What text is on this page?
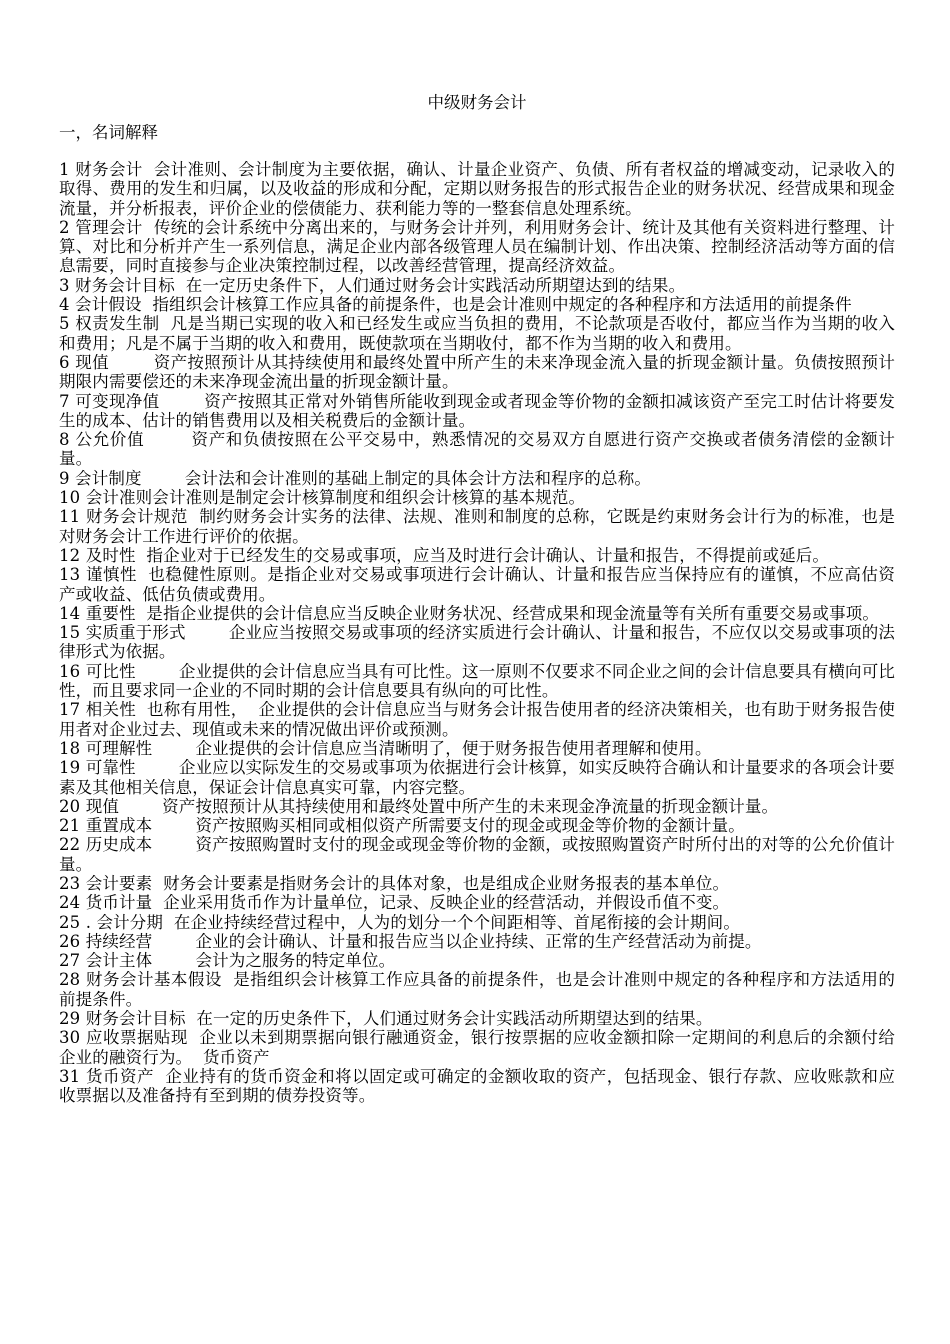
中级财务会计
一，名词解释
1 财务会计  会计准则、会计制度为主要依据，确认、计量企业资产、负债、所有者权益的增减变动，记录收入的取得、费用的发生和归属，以及收益的形成和分配，定期以财务报告的形式报告企业的财务状况、经营成果和现金流量，并分析报表，评价企业的偿债能力、获利能力等的一整套信息处理系统。
2 管理会计  传统的会计系统中分离出来的，与财务会计并列，利用财务会计、统计及其他有关资料进行整理、计算、对比和分析并产生一系列信息，满足企业内部各级管理人员在编制计划、作出决策、控制经济活动等方面的信息需要，同时直接参与企业决策控制过程，以改善经营管理，提高经济效益。
3 财务会计目标  在一定历史条件下，人们通过财务会计实践活动所期望达到的结果。
4 会计假设  指组织会计核算工作应具备的前提条件，也是会计准则中规定的各种程序和方法适用的前提条件
5 权责发生制  凡是当期已实现的收入和已经发生或应当负担的费用，不论款项是否收付，都应当作为当期的收入和费用；凡是不属于当期的收入和费用，既使款项在当期收付，都不作为当期的收入和费用。
6 现值        资产按照预计从其持续使用和最终处置中所产生的未来净现金流入量的折现金额计量。负债按照预计期限内需要偿还的未来净现金流出量的折现金额计量。
7 可变现净值        资产按照其正常对外销售所能收到现金或者现金等价物的金额扣减该资产至完工时估计将要发生的成本、估计的销售费用以及相关税费后的金额计量。
8 公允价值        资产和负债按照在公平交易中，熟悉情况的交易双方自愿进行资产交换或者债务清偿的金额计量。
9 会计制度        会计法和会计准则的基础上制定的具体会计方法和程序的总称。
10 会计准则会计准则是制定会计核算制度和组织会计核算的基本规范。
11 财务会计规范  制约财务会计实务的法律、法规、准则和制度的总称，它既是约束财务会计行为的标准，也是对财务会计工作进行评价的依据。
12 及时性  指企业对于已经发生的交易或事项，应当及时进行会计确认、计量和报告，不得提前或延后。
13 谨慎性  也稳健性原则。是指企业对交易或事项进行会计确认、计量和报告应当保持应有的谨慎，不应高估资产或收益、低估负债或费用。
14 重要性  是指企业提供的会计信息应当反映企业财务状况、经营成果和现金流量等有关所有重要交易或事项。
15 实质重于形式        企业应当按照交易或事项的经济实质进行会计确认、计量和报告，不应仅以交易或事项的法律形式为依据。
16 可比性        企业提供的会计信息应当具有可比性。这一原则不仅要求不同企业之间的会计信息要具有横向可比性，而且要求同一企业的不同时期的会计信息要具有纵向的可比性。
17 相关性  也称有用性，  企业提供的会计信息应当与财务会计报告使用者的经济决策相关，也有助于财务报告使用者对企业过去、现值或未来的情况做出评价或预测。
18 可理解性        企业提供的会计信息应当清晰明了，便于财务报告使用者理解和使用。
19 可靠性        企业应以实际发生的交易或事项为依据进行会计核算，如实反映符合确认和计量要求的各项会计要素及其他相关信息，保证会计信息真实可靠，内容完整。
20 现值        资产按照预计从其持续使用和最终处置中所产生的未来现金净流量的折现金额计量。
21 重置成本        资产按照购买相同或相似资产所需要支付的现金或现金等价物的金额计量。
22 历史成本        资产按照购置时支付的现金或现金等价物的金额，或按照购置资产时所付出的对等的公允价值计量。
23 会计要素  财务会计要素是指财务会计的具体对象，也是组成企业财务报表的基本单位。
24 货币计量  企业采用货币作为计量单位，记录、反映企业的经营活动，并假设币值不变。
25 . 会计分期  在企业持续经营过程中，人为的划分一个个间距相等、首尾衔接的会计期间。
26 持续经营        企业的会计确认、计量和报告应当以企业持续、正常的生产经营活动为前提。
27 会计主体        会计为之服务的特定单位。
28 财务会计基本假设  是指组织会计核算工作应具备的前提条件，也是会计准则中规定的各种程序和方法适用的前提条件。
29 财务会计目标  在一定的历史条件下，人们通过财务会计实践活动所期望达到的结果。
30 应收票据贴现  企业以未到期票据向银行融通资金，银行按票据的应收金额扣除一定期间的利息后的余额付给企业的融资行为。  货币资产
31 货币资产  企业持有的货币资金和将以固定或可确定的金额收取的资产，包括现金、银行存款、应收账款和应收票据以及准备持有至到期的债券投资等。
